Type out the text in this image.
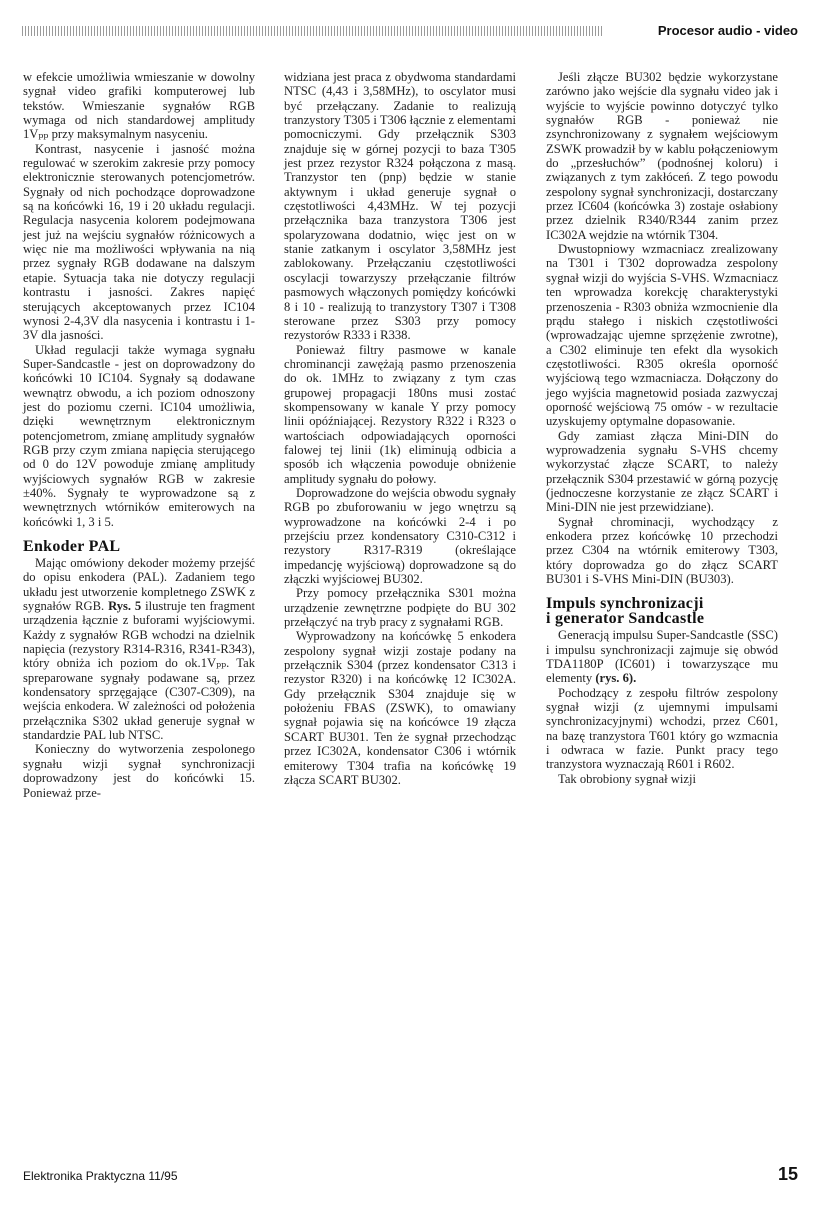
Procesor audio - video

w efekcie umożliwia wmieszanie w dowolny sygnał video grafiki komputerowej lub tekstów. Wmieszanie sygnałów RGB wymaga od nich standardowej amplitudy 1Vₚₚ przy maksymalnym nasyceniu.

Kontrast, nasycenie i jasność można regulować w szerokim zakresie przy pomocy elektronicznie sterowanych potencjometrów. Sygnały od nich pochodzące doprowadzone są na końcówki 16, 19 i 20 układu regulacji. Regulacja nasycenia kolorem podejmowana jest już na wejściu sygnałów różnicowych a więc nie ma możliwości wpływania na nią przez sygnały RGB dodawane na dalszym etapie. Sytuacja taka nie dotyczy regulacji kontrastu i jasności. Zakres napięć sterujących akceptowanych przez IC104 wynosi 2-4,3V dla nasycenia i kontrastu i 1-3V dla jasności.

Układ regulacji także wymaga sygnału Super-Sandcastle - jest on doprowadzony do końcówki 10 IC104. Sygnały są dodawane wewnątrz obwodu, a ich poziom odnoszony jest do poziomu czerni. IC104 umożliwia, dzięki wewnętrznym elektronicznym potencjometrom, zmianę amplitudy sygnałów RGB przy czym zmiana napięcia sterującego od 0 do 12V powoduje zmianę amplitudy wyjściowych sygnałów RGB w zakresie ±40%. Sygnały te wyprowadzone są z wewnętrznych wtórników emiterowych na końcówki 1, 3 i 5.

Enkoder PAL

Mając omówiony dekoder możemy przejść do opisu enkodera (PAL). Zadaniem tego układu jest utworzenie kompletnego ZSWK z sygnałów RGB. Rys. 5 ilustruje ten fragment urządzenia łącznie z buforami wyjściowymi. Każdy z sygnałów RGB wchodzi na dzielnik napięcia (rezystory R314-R316, R341-R343), który obniża ich poziom do ok.1Vₚₚ. Tak spreparowane sygnały podawane są, przez kondensatory sprzęgające (C307-C309), na wejścia enkodera. W zależności od położenia przełącznika S302 układ generuje sygnał w standardzie PAL lub NTSC.

Konieczny do wytworzenia zespolonego sygnału wizji sygnał synchronizacji doprowadzony jest do końcówki 15. Ponieważ prze-

widziana jest praca z obydwoma standardami NTSC (4,43 i 3,58MHz), to oscylator musi być przełączany. Zadanie to realizują tranzystory T305 i T306 łącznie z elementami pomocniczymi. Gdy przełącznik S303 znajduje się w górnej pozycji to baza T305 jest przez rezystor R324 połączona z masą. Tranzystor ten (pnp) będzie w stanie aktywnym i układ generuje sygnał o częstotliwości 4,43MHz. W tej pozycji przełącznika baza tranzystora T306 jest spolaryzowana dodatnio, więc jest on w stanie zatkanym i oscylator 3,58MHz jest zablokowany. Przełączaniu częstotliwości oscylacji towarzyszy przełączanie filtrów pasmowych włączonych pomiędzy końcówki 8 i 10 - realizują to tranzystory T307 i T308 sterowane przez S303 przy pomocy rezystorów R333 i R338.

Ponieważ filtry pasmowe w kanale chrominancji zawężają pasmo przenoszenia do ok. 1MHz to związany z tym czas grupowej propagacji 180ns musi zostać skompensowany w kanale Y przy pomocy linii opóźniającej. Rezystory R322 i R323 o wartościach odpowiadających oporności falowej tej linii (1k) eliminują odbicia a sposób ich włączenia powoduje obniżenie amplitudy sygnału do połowy.

Doprowadzone do wejścia obwodu sygnały RGB po zbuforowaniu w jego wnętrzu są wyprowadzone na końcówki 2-4 i po przejściu przez kondensatory C310-C312 i rezystory R317-R319 (określające impedancję wyjściową) doprowadzone są do złączki wyjściowej BU302.

Przy pomocy przełącznika S301 można urządzenie zewnętrzne podpięte do BU 302 przełączyć na tryb pracy z sygnałami RGB.

Wyprowadzony na końcówkę 5 enkodera zespolony sygnał wizji zostaje podany na przełącznik S304 (przez kondensator C313 i rezystor R320) i na końcówkę 12 IC302A. Gdy przełącznik S304 znajduje się w położeniu FBAS (ZSWK), to omawiany sygnał pojawia się na końcówce 19 złącza SCART BU301. Ten że sygnał przechodząc przez IC302A, kondensator C306 i wtórnik emiterowy T304 trafia na końcówkę 19 złącza SCART BU302.

Jeśli złącze BU302 będzie wykorzystane zarówno jako wejście dla sygnału video jak i wyjście to wyjście powinno dotyczyć tylko sygnałów RGB - ponieważ nie zsynchronizowany z sygnałem wejściowym ZSWK prowadził by w kablu połączeniowym do „przesłuchów” (podnośnej koloru) i związanych z tym zakłóceń. Z tego powodu zespolony sygnał synchronizacji, dostarczany przez IC604 (końcówka 3) zostaje osłabiony przez dzielnik R340/R344 zanim przez IC302A wejdzie na wtórnik T304.

Dwustopniowy wzmacniacz zrealizowany na T301 i T302 doprowadza zespolony sygnał wizji do wyjścia S-VHS. Wzmacniacz ten wprowadza korekcję charakterystyki przenoszenia - R303 obniża wzmocnienie dla prądu stałego i niskich częstotliwości (wprowadzając ujemne sprzężenie zwrotne), a C302 eliminuje ten efekt dla wysokich częstotliwości. R305 określa oporność wyjściową tego wzmacniacza. Dołączony do jego wyjścia magnetowid posiada zazwyczaj oporność wejściową 75 omów - w rezultacie uzyskujemy optymalne dopasowanie.

Gdy zamiast złącza Mini-DIN do wyprowadzenia sygnału S-VHS chcemy wykorzystać złącze SCART, to należy przełącznik S304 przestawić w górną pozycję (jednoczesne korzystanie ze złącz SCART i Mini-DIN nie jest przewidziane).

Sygnał chrominacji, wychodzący z enkodera przez końcówkę 10 przechodzi przez C304 na wtórnik emiterowy T303, który doprowadza go do złącz SCART BU301 i S-VHS Mini-DIN (BU303).

Impuls synchronizacji
i generator Sandcastle

Generacją impulsu Super-Sandcastle (SSC) i impulsu synchronizacji zajmuje się obwód TDA1180P (IC601) i towarzyszące mu elementy (rys. 6).

Pochodzący z zespołu filtrów zespolony sygnał wizji (z ujemnymi impulsami synchronizacyjnymi) wchodzi, przez C601, na bazę tranzystora T601 który go wzmacnia i odwraca w fazie. Punkt pracy tego tranzystora wyznaczają R601 i R602.

Tak obrobiony sygnał wizji

Elektronika Praktyczna 11/95	15
